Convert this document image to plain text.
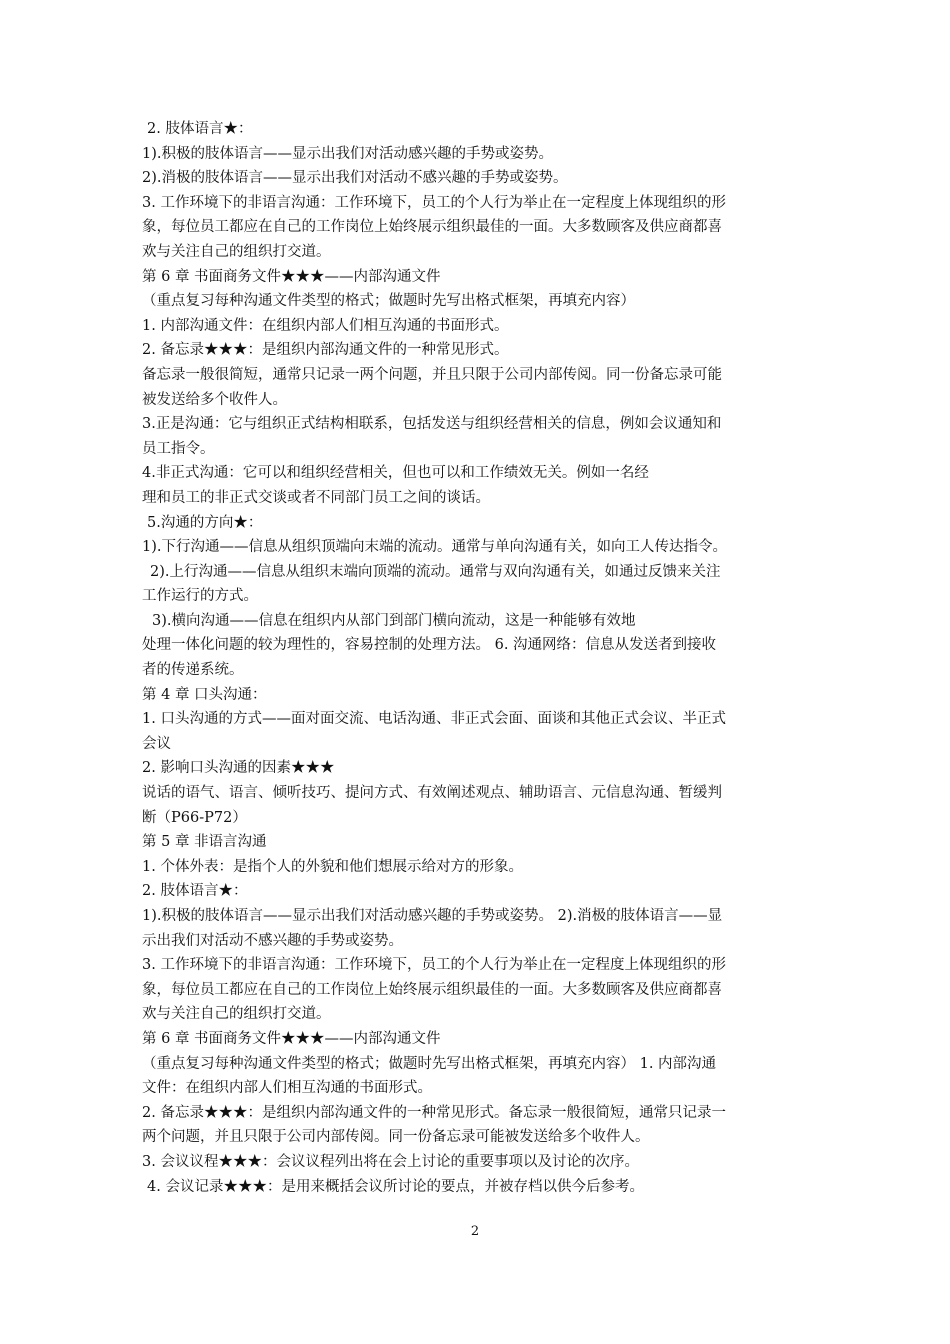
2. 肢体语言★：
1).积极的肢体语言——显示出我们对活动感兴趣的手势或姿势。
2).消极的肢体语言——显示出我们对活动不感兴趣的手势或姿势。
3. 工作环境下的非语言沟通：工作环境下，员工的个人行为举止在一定程度上体现组织的形
象，每位员工都应在自己的工作岗位上始终展示组织最佳的一面。大多数顾客及供应商都喜
欢与关注自己的组织打交道。
第 6 章 书面商务文件★★★——内部沟通文件
（重点复习每种沟通文件类型的格式；做题时先写出格式框架，再填充内容）
1. 内部沟通文件：在组织内部人们相互沟通的书面形式。
2. 备忘录★★★：是组织内部沟通文件的一种常见形式。
备忘录一般很简短，通常只记录一两个问题，并且只限于公司内部传阅。同一份备忘录可能
被发送给多个收件人。
3.正是沟通：它与组织正式结构相联系，包括发送与组织经营相关的信息，例如会议通知和
员工指令。
4.非正式沟通：它可以和组织经营相关，但也可以和工作绩效无关。例如一名经
理和员工的非正式交谈或者不同部门员工之间的谈话。
5.沟通的方向★：
1).下行沟通——信息从组织顶端向末端的流动。通常与单向沟通有关，如向工人传达指令。
2).上行沟通——信息从组织末端向顶端的流动。通常与双向沟通有关，如通过反馈来关注
工作运行的方式。
3).横向沟通——信息在组织内从部门到部门横向流动，这是一种能够有效地
处理一体化问题的较为理性的，容易控制的处理方法。 6. 沟通网络：信息从发送者到接收
者的传递系统。
第 4 章 口头沟通：
1. 口头沟通的方式——面对面交流、电话沟通、非正式会面、面谈和其他正式会议、半正式
会议
2. 影响口头沟通的因素★★★
说话的语气、语言、倾听技巧、提问方式、有效阐述观点、辅助语言、元信息沟通、暂缓判
断（P66-P72）
第 5 章 非语言沟通
1. 个体外表：是指个人的外貌和他们想展示给对方的形象。
2. 肢体语言★：
1).积极的肢体语言——显示出我们对活动感兴趣的手势或姿势。 2).消极的肢体语言——显
示出我们对活动不感兴趣的手势或姿势。
3. 工作环境下的非语言沟通：工作环境下，员工的个人行为举止在一定程度上体现组织的形
象，每位员工都应在自己的工作岗位上始终展示组织最佳的一面。大多数顾客及供应商都喜
欢与关注自己的组织打交道。
第 6 章 书面商务文件★★★——内部沟通文件
（重点复习每种沟通文件类型的格式；做题时先写出格式框架，再填充内容） 1. 内部沟通
文件：在组织内部人们相互沟通的书面形式。
2. 备忘录★★★：是组织内部沟通文件的一种常见形式。备忘录一般很简短，通常只记录一
两个问题，并且只限于公司内部传阅。同一份备忘录可能被发送给多个收件人。
3. 会议议程★★★：会议议程列出将在会上讨论的重要事项以及讨论的次序。
4. 会议记录★★★：是用来概括会议所讨论的要点，并被存档以供今后参考。
2
